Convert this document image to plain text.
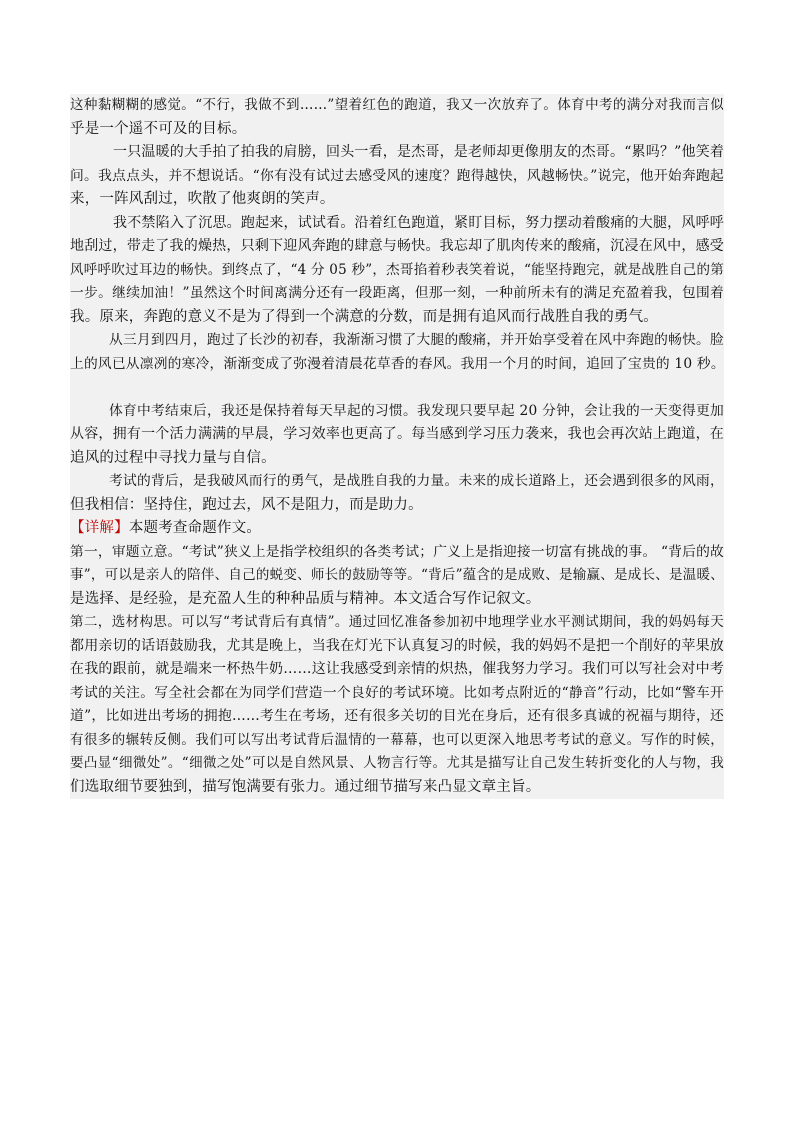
这种黏糊糊的感觉。“不行，我做不到……”望着红色的跑道，我又一次放弃了。体育中考的满分对我而言似
乎是一个遥不可及的目标。
一只温暖的大手拍了拍我的肩膀，回头一看，是杰哥，是老师却更像朋友的杰哥。“累吗？”他笑着
问。我点点头，并不想说话。“你有没有试过去感受风的速度？跑得越快，风越畅快。”说完，他开始奔跑起
来，一阵风刮过，吹散了他爽朗的笑声。
我不禁陷入了沉思。跑起来，试试看。沿着红色跑道，紧盯目标，努力摆动着酸痛的大腿，风呼呼
地刮过，带走了我的燥热，只剩下迎风奔跑的肆意与畅快。我忘却了肌肉传来的酸痛，沉浸在风中，感受
风呼呼吹过耳边的畅快。到终点了，“4 分 05 秒”，杰哥掐着秒表笑着说，“能坚持跑完，就是战胜自己的第
一步。继续加油！”虽然这个时间离满分还有一段距离，但那一刻，一种前所未有的满足充盈着我，包围着
我。原来，奔跑的意义不是为了得到一个满意的分数，而是拥有追风而行战胜自我的勇气。
从三月到四月，跑过了长沙的初春，我渐渐习惯了大腿的酸痛，并开始享受着在风中奔跑的畅快。脸
上的风已从凛冽的寒冷，渐渐变成了弥漫着清晨花草香的春风。我用一个月的时间，追回了宝贵的 10 秒。
体育中考结束后，我还是保持着每天早起的习惯。我发现只要早起 20 分钟，会让我的一天变得更加
从容，拥有一个活力满满的早晨，学习效率也更高了。每当感到学习压力袭来，我也会再次站上跑道，在
追风的过程中寻找力量与自信。
考试的背后，是我破风而行的勇气，是战胜自我的力量。未来的成长道路上，还会遇到很多的风雨，
但我相信：坚持住，跑过去，风不是阻力，而是助力。
【详解】本题考查命题作文。
第一，审题立意。“考试”狭义上是指学校组织的各类考试；广义上是指迎接一切富有挑战的事。 “背后的故
事”，可以是亲人的陪伴、自己的蜕变、师长的鼓励等等。“背后”蕴含的是成败、是输赢、是成长、是温暖、
是选择、是经验，是充盈人生的种种品质与精神。本文适合写作记叙文。
第二，选材构思。可以写“考试背后有真情”。通过回忆准备参加初中地理学业水平测试期间，我的妈妈每天
都用亲切的话语鼓励我，尤其是晚上，当我在灯光下认真复习的时候，我的妈妈不是把一个削好的苹果放
在我的跟前，就是端来一杯热牛奶……这让我感受到亲情的炽热，催我努力学习。我们可以写社会对中考
考试的关注。写全社会都在为同学们营造一个良好的考试环境。比如考点附近的“静音”行动，比如“警车开
道”，比如进出考场的拥抱……考生在考场，还有很多关切的目光在身后，还有很多真诚的祝福与期待，还
有很多的辗转反侧。我们可以写出考试背后温情的一幕幕，也可以更深入地思考考试的意义。写作的时候，
要凸显“细微处”。“细微之处”可以是自然风景、人物言行等。尤其是描写让自己发生转折变化的人与物，我
们选取细节要独到，描写饱满要有张力。通过细节描写来凸显文章主旨。
